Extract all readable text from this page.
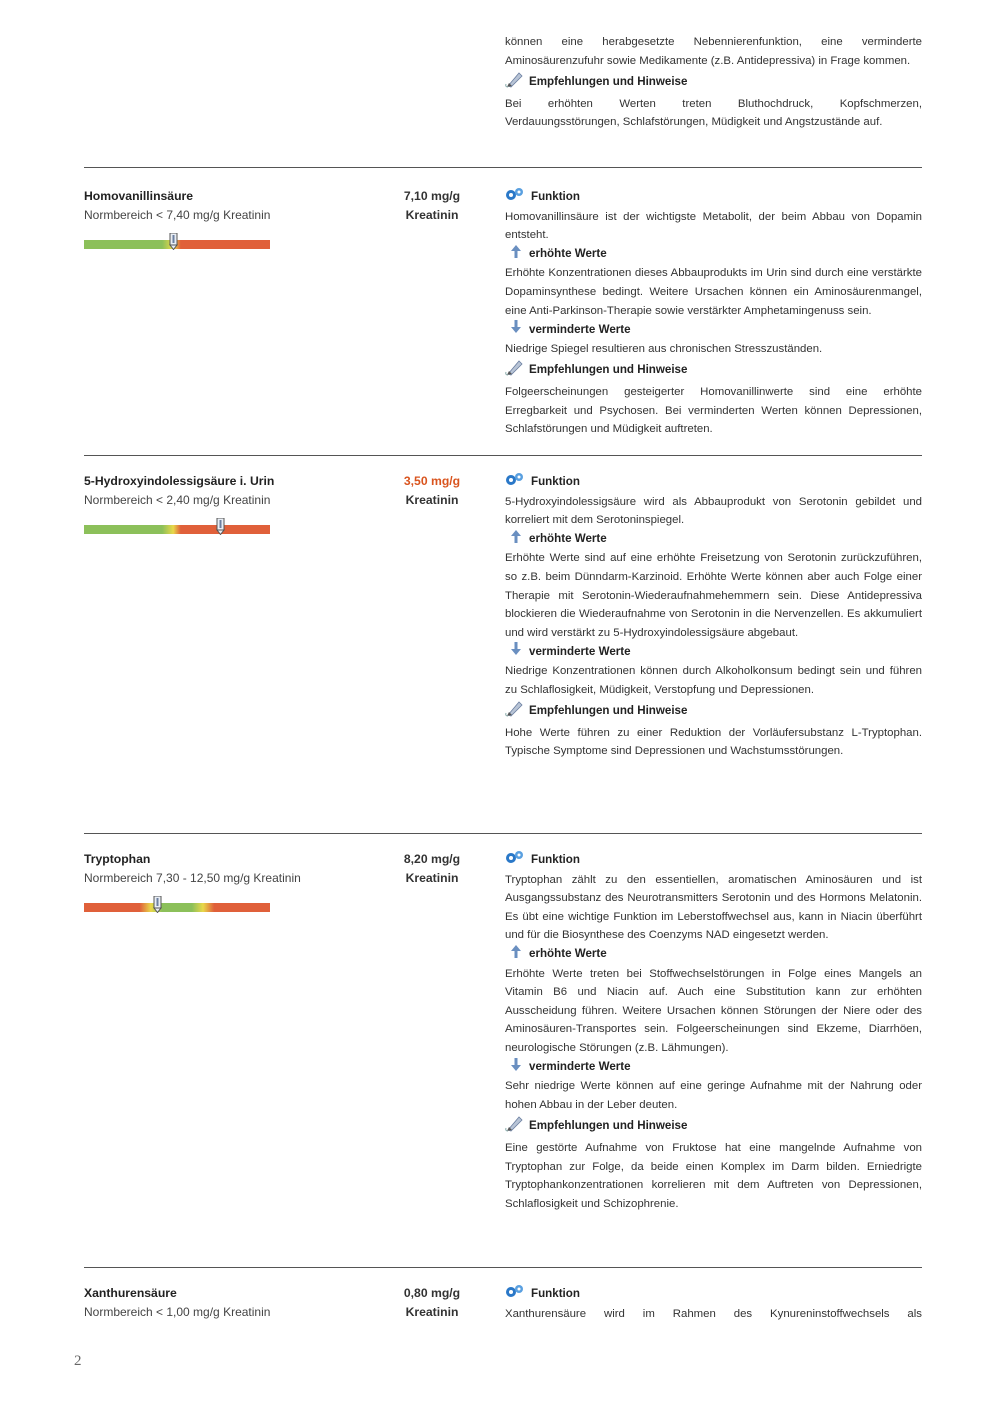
können eine herabgesetzte Nebennierenfunktion, eine verminderte Aminosäurenzufuhr sowie Medikamente (z.B. Antidepressiva) in Frage kommen.

Empfehlungen und Hinweise

Bei erhöhten Werten treten Bluthochdruck, Kopfschmerzen, Verdauungsstörungen, Schlafstörungen, Müdigkeit und Angstzustände auf.

Homovanillinsäure
Normbereich < 7,40 mg/g Kreatinin
7,10 mg/g
Kreatinin
Funktion

Homovanillinsäure ist der wichtigste Metabolit, der beim Abbau von Dopamin entsteht.

erhöhte Werte

Erhöhte Konzentrationen dieses Abbauprodukts im Urin sind durch eine verstärkte Dopaminsynthese bedingt. Weitere Ursachen können ein Aminosäurenmangel, eine Anti-Parkinson-Therapie sowie verstärkter Amphetamingenuss sein.

verminderte Werte

Niedrige Spiegel resultieren aus chronischen Stresszuständen.

Empfehlungen und Hinweise

Folgeerscheinungen gesteigerter Homovanillinwerte sind eine erhöhte Erregbarkeit und Psychosen. Bei verminderten Werten können Depressionen, Schlafstörungen und Müdigkeit auftreten.

5-Hydroxyindolessigsäure i. Urin
Normbereich < 2,40 mg/g Kreatinin
3,50 mg/g
Kreatinin
Funktion

5-Hydroxyindolessigsäure wird als Abbauprodukt von Serotonin gebildet und korreliert mit dem Serotoninspiegel.

erhöhte Werte

Erhöhte Werte sind auf eine erhöhte Freisetzung von Serotonin zurückzuführen, so z.B. beim Dünndarm-Karzinoid. Erhöhte Werte können aber auch Folge einer Therapie mit Serotonin-Wiederaufnahmehemmern sein. Diese Antidepressiva blockieren die Wiederaufnahme von Serotonin in die Nervenzellen. Es akkumuliert und wird verstärkt zu 5-Hydroxyindolessigsäure abgebaut.

verminderte Werte

Niedrige Konzentrationen können durch Alkoholkonsum bedingt sein und führen zu Schlaflosigkeit, Müdigkeit, Verstopfung und Depressionen.

Empfehlungen und Hinweise

Hohe Werte führen zu einer Reduktion der Vorläufersubstanz L-Tryptophan. Typische Symptome sind Depressionen und Wachstumsstörungen.

Tryptophan
Normbereich 7,30 - 12,50 mg/g Kreatinin
8,20 mg/g
Kreatinin
Funktion

Tryptophan zählt zu den essentiellen, aromatischen Aminosäuren und ist Ausgangssubstanz des Neurotransmitters Serotonin und des Hormons Melatonin. Es übt eine wichtige Funktion im Leberstoffwechsel aus, kann in Niacin überführt und für die Biosynthese des Coenzyms NAD eingesetzt werden.

erhöhte Werte

Erhöhte Werte treten bei Stoffwechselstörungen in Folge eines Mangels an Vitamin B6 und Niacin auf. Auch eine Substitution kann zur erhöhten Ausscheidung führen. Weitere Ursachen können Störungen der Niere oder des Aminosäuren-Transportes sein. Folgeerscheinungen sind Ekzeme, Diarrhöen, neurologische Störungen (z.B. Lähmungen).

verminderte Werte

Sehr niedrige Werte können auf eine geringe Aufnahme mit der Nahrung oder hohen Abbau in der Leber deuten.

Empfehlungen und Hinweise

Eine gestörte Aufnahme von Fruktose hat eine mangelnde Aufnahme von Tryptophan zur Folge, da beide einen Komplex im Darm bilden. Erniedrigte Tryptophankonzentrationen korrelieren mit dem Auftreten von Depressionen, Schlaflosigkeit und Schizophrenie.

Xanthurensäure
Normbereich < 1,00 mg/g Kreatinin
0,80 mg/g
Kreatinin
Funktion

Xanthurensäure wird im Rahmen des Kynureninstoffwechsels als

2
